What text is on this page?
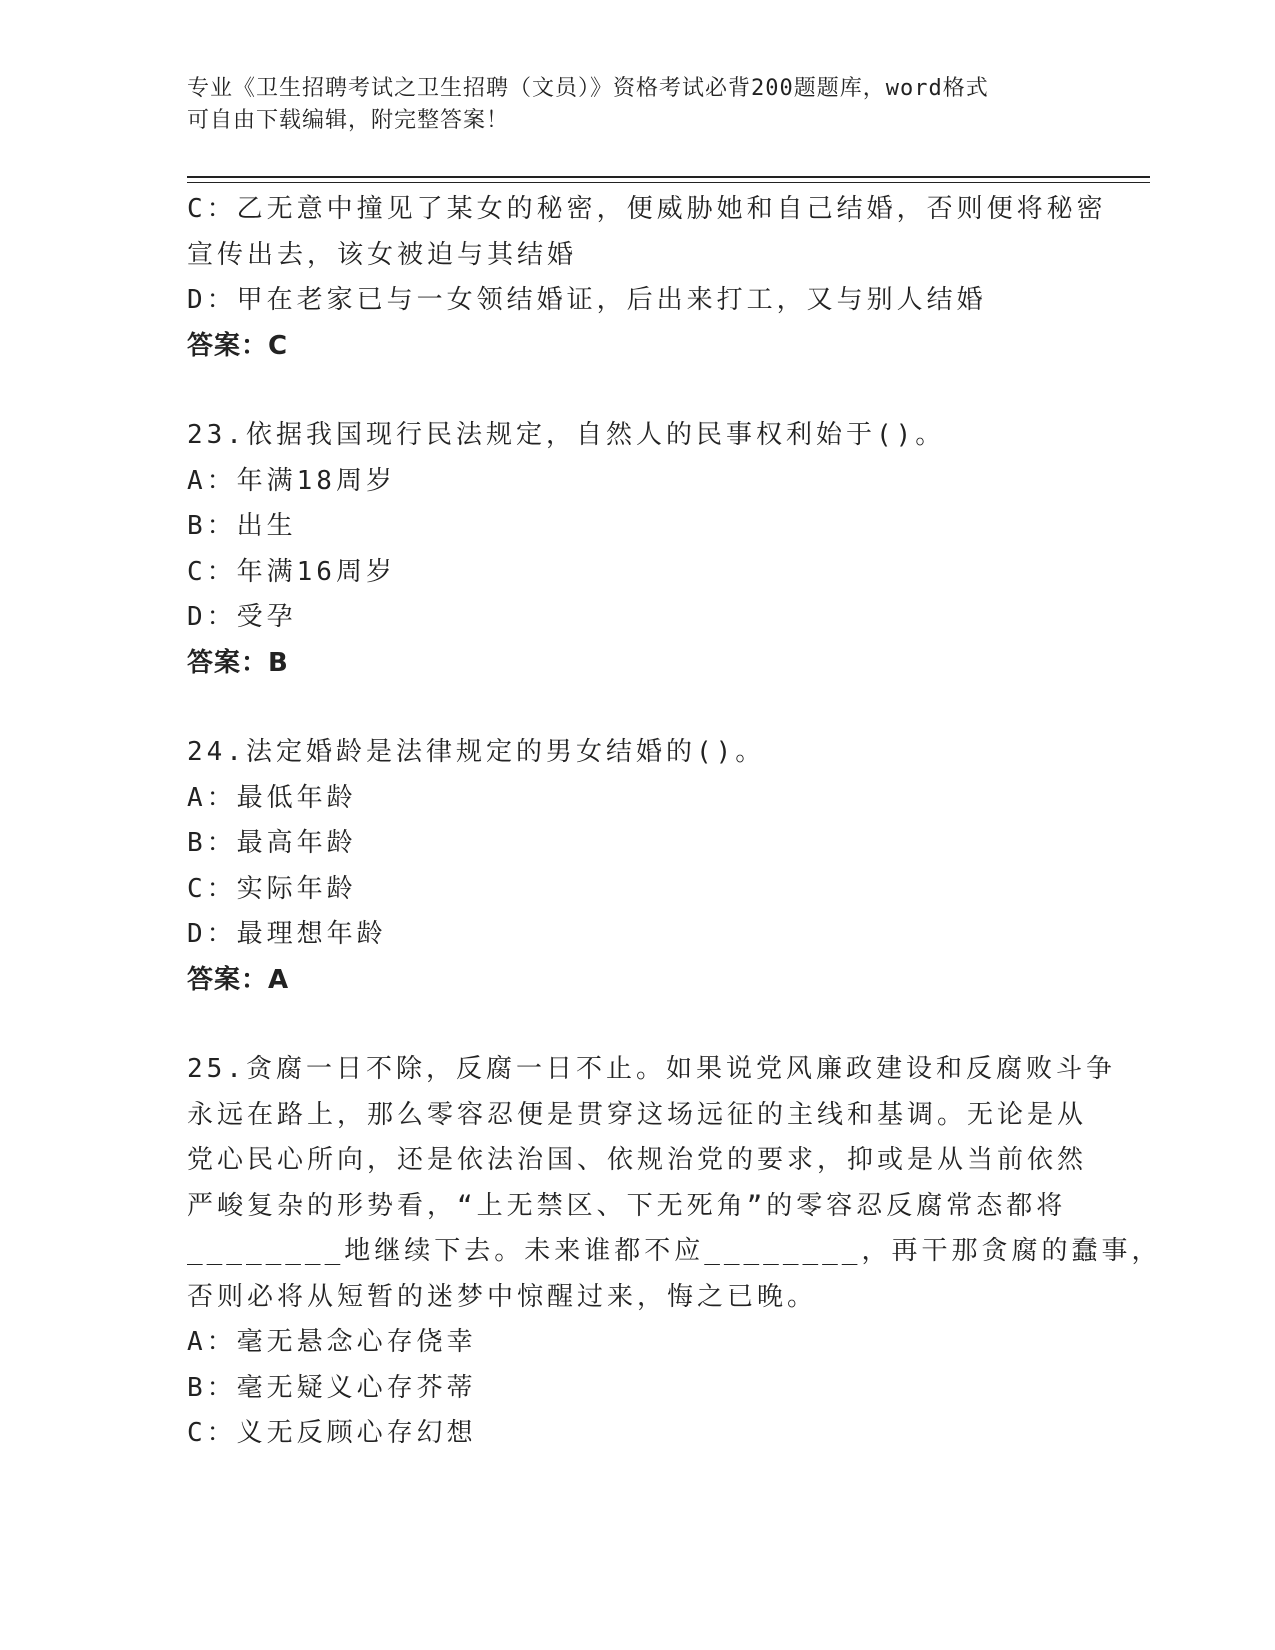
专业《卫生招聘考试之卫生招聘（文员）》资格考试必背200题题库，word格式
可自由下载编辑，附完整答案！
C：乙无意中撞见了某女的秘密，便威胁她和自己结婚，否则便将秘密
宣传出去，该女被迫与其结婚
D：甲在老家已与一女领结婚证，后出来打工，又与别人结婚
答案：C
23.依据我国现行民法规定，自然人的民事权利始于()。
A：年满18周岁
B：出生
C：年满16周岁
D：受孕
答案：B
24.法定婚龄是法律规定的男女结婚的()。
A：最低年龄
B：最高年龄
C：实际年龄
D：最理想年龄
答案：A
25.贪腐一日不除，反腐一日不止。如果说党风廉政建设和反腐败斗争
永远在路上，那么零容忍便是贯穿这场远征的主线和基调。无论是从
党心民心所向，还是依法治国、依规治党的要求，抑或是从当前依然
严峻复杂的形势看，“上无禁区、下无死角”的零容忍反腐常态都将
________地继续下去。未来谁都不应________，再干那贪腐的蠢事，
否则必将从短暂的迷梦中惊醒过来，悔之已晚。
A：毫无悬念心存侥幸
B：毫无疑义心存芥蒂
C：义无反顾心存幻想
